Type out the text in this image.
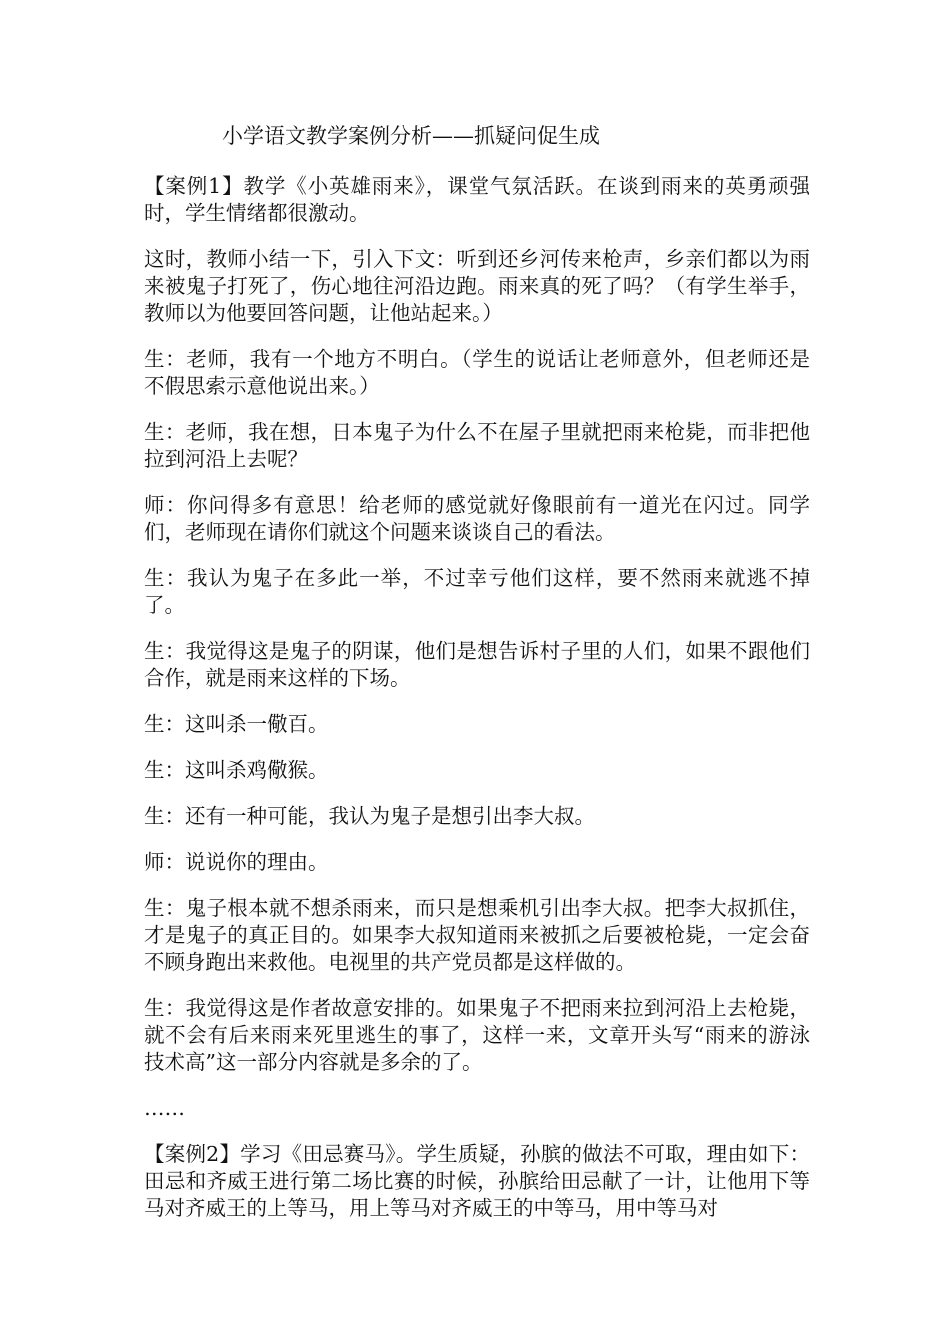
小学语文教学案例分析——抓疑问促生成

【案例1】教学《小英雄雨来》，课堂气氛活跃。在谈到雨来的英勇顽强时，学生情绪都很激动。

这时，教师小结一下，引入下文：听到还乡河传来枪声，乡亲们都以为雨来被鬼子打死了，伤心地往河沿边跑。雨来真的死了吗？（有学生举手，教师以为他要回答问题，让他站起来。）

生：老师，我有一个地方不明白。（学生的说话让老师意外，但老师还是不假思索示意他说出来。）

生：老师，我在想，日本鬼子为什么不在屋子里就把雨来枪毙，而非把他拉到河沿上去呢？

师：你问得多有意思！给老师的感觉就好像眼前有一道光在闪过。同学们，老师现在请你们就这个问题来谈谈自己的看法。

生：我认为鬼子在多此一举，不过幸亏他们这样，要不然雨来就逃不掉了。

生：我觉得这是鬼子的阴谋，他们是想告诉村子里的人们，如果不跟他们合作，就是雨来这样的下场。

生：这叫杀一儆百。

生：这叫杀鸡儆猴。

生：还有一种可能，我认为鬼子是想引出李大叔。

师：说说你的理由。

生：鬼子根本就不想杀雨来，而只是想乘机引出李大叔。把李大叔抓住，才是鬼子的真正目的。如果李大叔知道雨来被抓之后要被枪毙，一定会奋不顾身跑出来救他。电视里的共产党员都是这样做的。

生：我觉得这是作者故意安排的。如果鬼子不把雨来拉到河沿上去枪毙，就不会有后来雨来死里逃生的事了，这样一来，文章开头写“雨来的游泳技术高”这一部分内容就是多余的了。

……

【案例2】学习《田忌赛马》。学生质疑，孙膑的做法不可取，理由如下：田忌和齐威王进行第二场比赛的时候，孙膑给田忌献了一计，让他用下等马对齐威王的上等马，用上等马对齐威王的中等马，用中等马对
